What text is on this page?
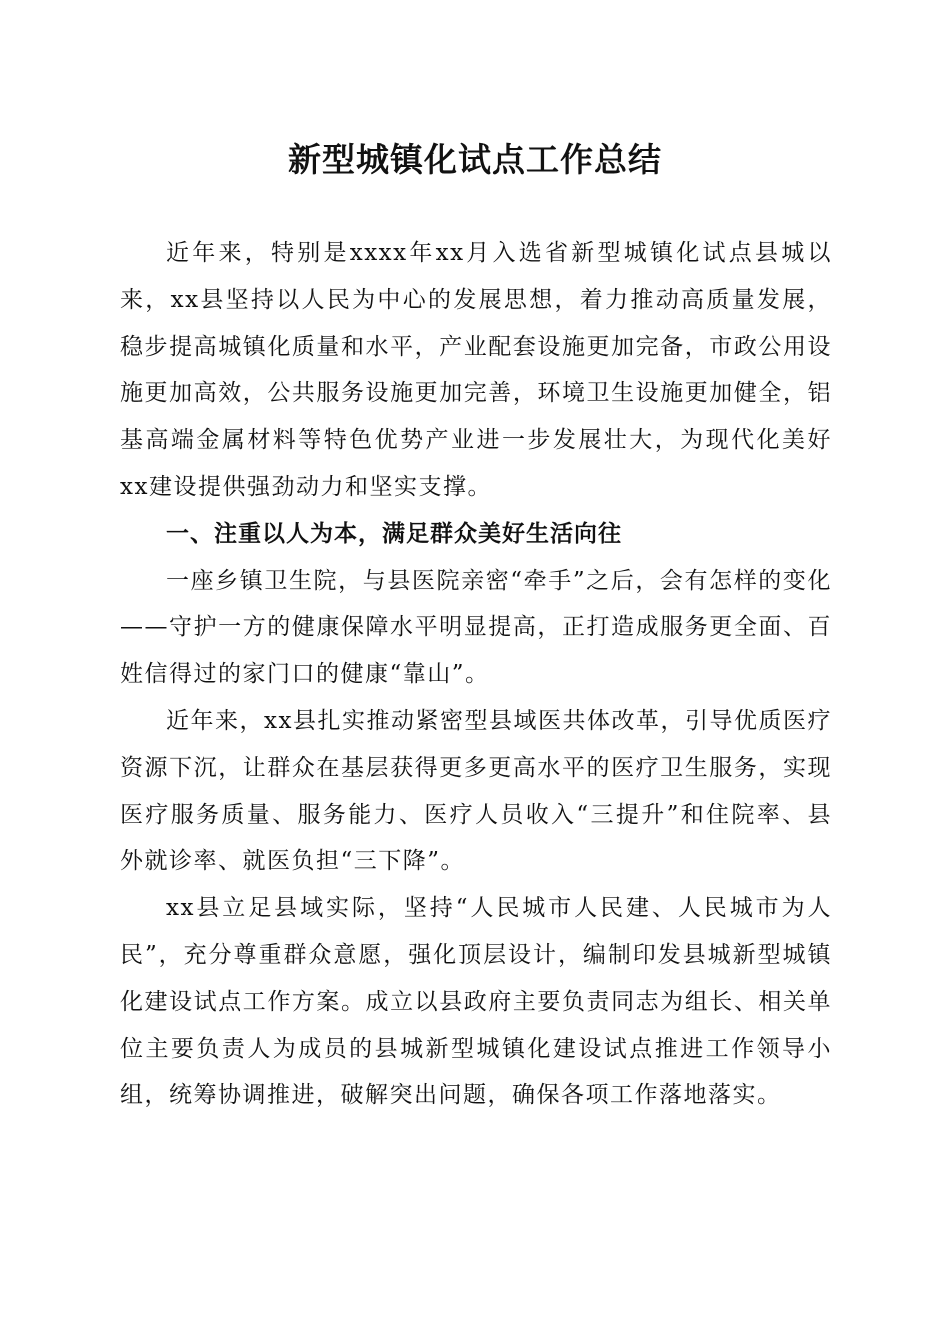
新型城镇化试点工作总结

近年来，特别是xxxx年xx月入选省新型城镇化试点县城以来，xx县坚持以人民为中心的发展思想，着力推动高质量发展，稳步提高城镇化质量和水平，产业配套设施更加完备，市政公用设施更加高效，公共服务设施更加完善，环境卫生设施更加健全，铝基高端金属材料等特色优势产业进一步发展壮大，为现代化美好xx建设提供强劲动力和坚实支撑。

一、注重以人为本，满足群众美好生活向往

一座乡镇卫生院，与县医院亲密“牵手”之后，会有怎样的变化——守护一方的健康保障水平明显提高，正打造成服务更全面、百姓信得过的家门口的健康“靠山”。

近年来，xx县扎实推动紧密型县域医共体改革，引导优质医疗资源下沉，让群众在基层获得更多更高水平的医疗卫生服务，实现医疗服务质量、服务能力、医疗人员收入“三提升”和住院率、县外就诊率、就医负担“三下降”。

xx县立足县域实际，坚持“人民城市人民建、人民城市为人民”，充分尊重群众意愿，强化顶层设计，编制印发县城新型城镇化建设试点工作方案。成立以县政府主要负责同志为组长、相关单位主要负责人为成员的县城新型城镇化建设试点推进工作领导小组，统筹协调推进，破解突出问题，确保各项工作落地落实。
